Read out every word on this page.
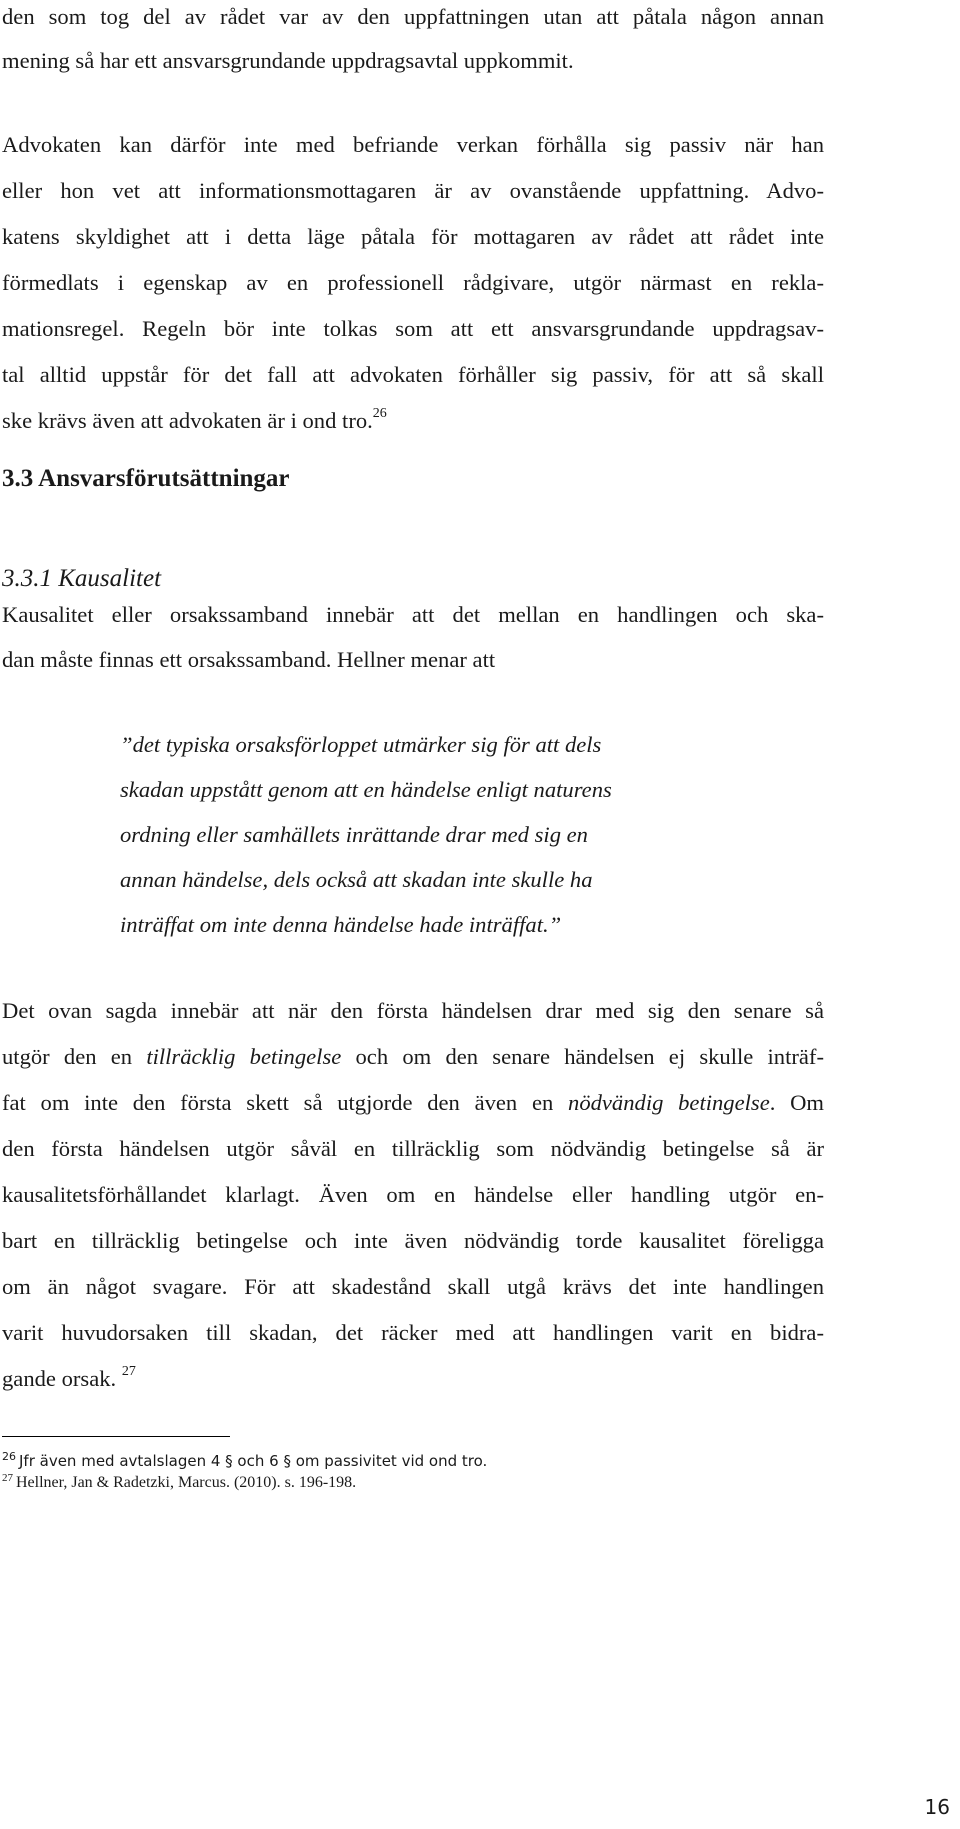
den som tog del av rådet var av den uppfattningen utan att påtala någon annan
mening så har ett ansvarsgrundande uppdragsavtal uppkommit.
Advokaten kan därför inte med befriande verkan förhålla sig passiv när han
eller hon vet att informationsmottagaren är av ovanstående uppfattning. Advo-
katens skyldighet att i detta läge påtala för mottagaren av rådet att rådet inte
förmedlats i egenskap av en professionell rådgivare, utgör närmast en rekla-
mationsregel. Regeln bör inte tolkas som att ett ansvarsgrundande uppdragsav-
tal alltid uppstår för det fall att advokaten förhåller sig passiv, för att så skall
ske krävs även att advokaten är i ond tro.$^{26}$
3.3 Ansvarsförutsättningar
3.3.1 Kausalitet
Kausalitet eller orsakssamband innebär att det mellan en handlingen och ska-
dan måste finnas ett orsakssamband. Hellner menar att
”det typiska orsaksförloppet utmärker sig för att dels
skadan uppstått genom att en händelse enligt naturens
ordning eller samhällets inrättande drar med sig en
annan händelse, dels också att skadan inte skulle ha
inträffat om inte denna händelse hade inträffat.”
Det ovan sagda innebär att när den första händelsen drar med sig den senare så
utgör den en tillräcklig betingelse och om den senare händelsen ej skulle inträf-
fat om inte den första skett så utgjorde den även en nödvändig betingelse. Om
den första händelsen utgör såväl en tillräcklig som nödvändig betingelse så är
kausalitetsförhållandet klarlagt. Även om en händelse eller handling utgör en-
bart en tillräcklig betingelse och inte även nödvändig torde kausalitet föreligga
om än något svagare. För att skadestånd skall utgå krävs det inte handlingen
varit huvudorsaken till skadan, det räcker med att handlingen varit en bidra-
gande orsak. $^{27}$
$^{26}$ Jfr även med avtalslagen 4 § och 6 § om passivitet vid ond tro.
$^{27}$ Hellner, Jan & Radetzki, Marcus. (2010). s. 196-198.
16
